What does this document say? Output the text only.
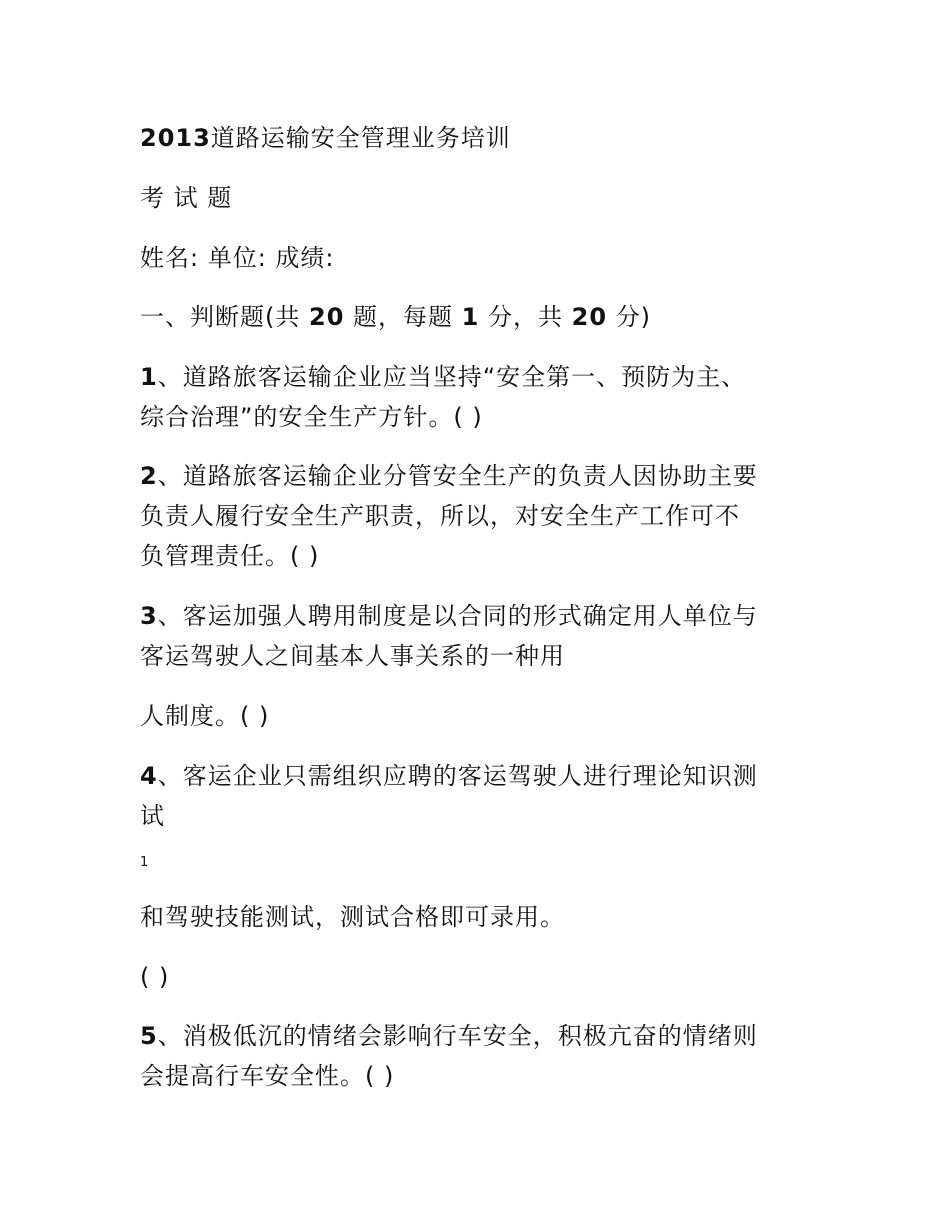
2013道路运输安全管理业务培训
考 试 题
姓名: 单位: 成绩:
一、判断题(共 20 题，每题 1 分，共 20 分)
1、道路旅客运输企业应当坚持“安全第一、预防为主、
综合治理”的安全生产方针。( )
2、道路旅客运输企业分管安全生产的负责人因协助主要
负责人履行安全生产职责，所以，对安全生产工作可不
负管理责任。( )
3、客运加强人聘用制度是以合同的形式确定用人单位与
客运驾驶人之间基本人事关系的一种用
人制度。( )
4、客运企业只需组织应聘的客运驾驶人进行理论知识测
试
1
和驾驶技能测试，测试合格即可录用。
( )
5、消极低沉的情绪会影响行车安全，积极亢奋的情绪则
会提高行车安全性。( )
